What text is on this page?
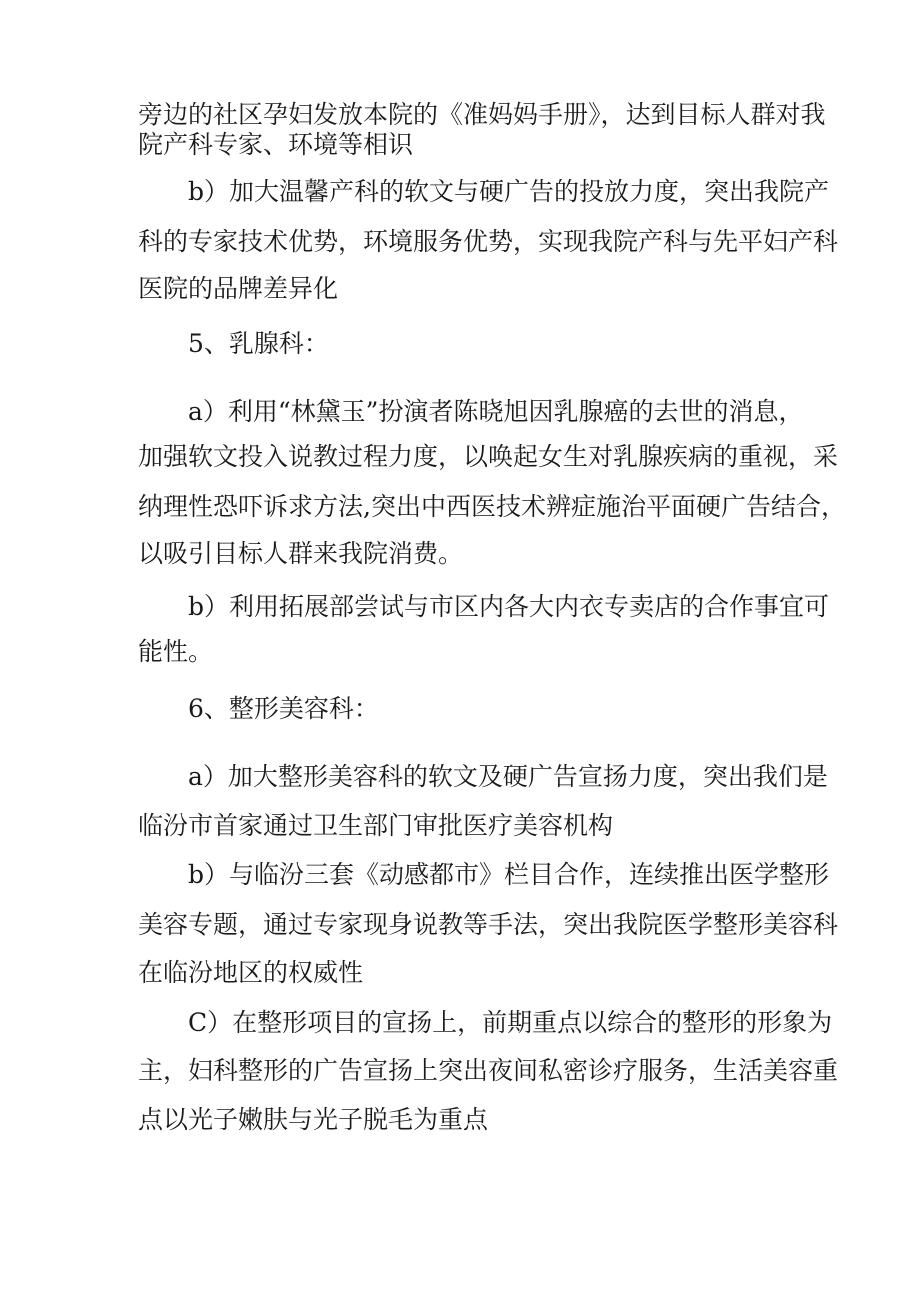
旁边的社区孕妇发放本院的《准妈妈手册》，达到目标人群对我
院产科专家、环境等相识
b）加大温馨产科的软文与硬广告的投放力度，突出我院产
科的专家技术优势，环境服务优势，实现我院产科与先平妇产科
医院的品牌差异化
5、乳腺科：
a）利用“林黛玉”扮演者陈晓旭因乳腺癌的去世的消息，
加强软文投入说教过程力度，以唤起女生对乳腺疾病的重视，采
纳理性恐吓诉求方法,突出中西医技术辨症施治平面硬广告结合，
以吸引目标人群来我院消费。
b）利用拓展部尝试与市区内各大内衣专卖店的合作事宜可
能性。
6、整形美容科：
a）加大整形美容科的软文及硬广告宣扬力度，突出我们是
临汾市首家通过卫生部门审批医疗美容机构
b）与临汾三套《动感都市》栏目合作，连续推出医学整形
美容专题，通过专家现身说教等手法，突出我院医学整形美容科
在临汾地区的权威性
C）在整形项目的宣扬上，前期重点以综合的整形的形象为
主，妇科整形的广告宣扬上突出夜间私密诊疗服务，生活美容重
点以光子嫩肤与光子脱毛为重点
